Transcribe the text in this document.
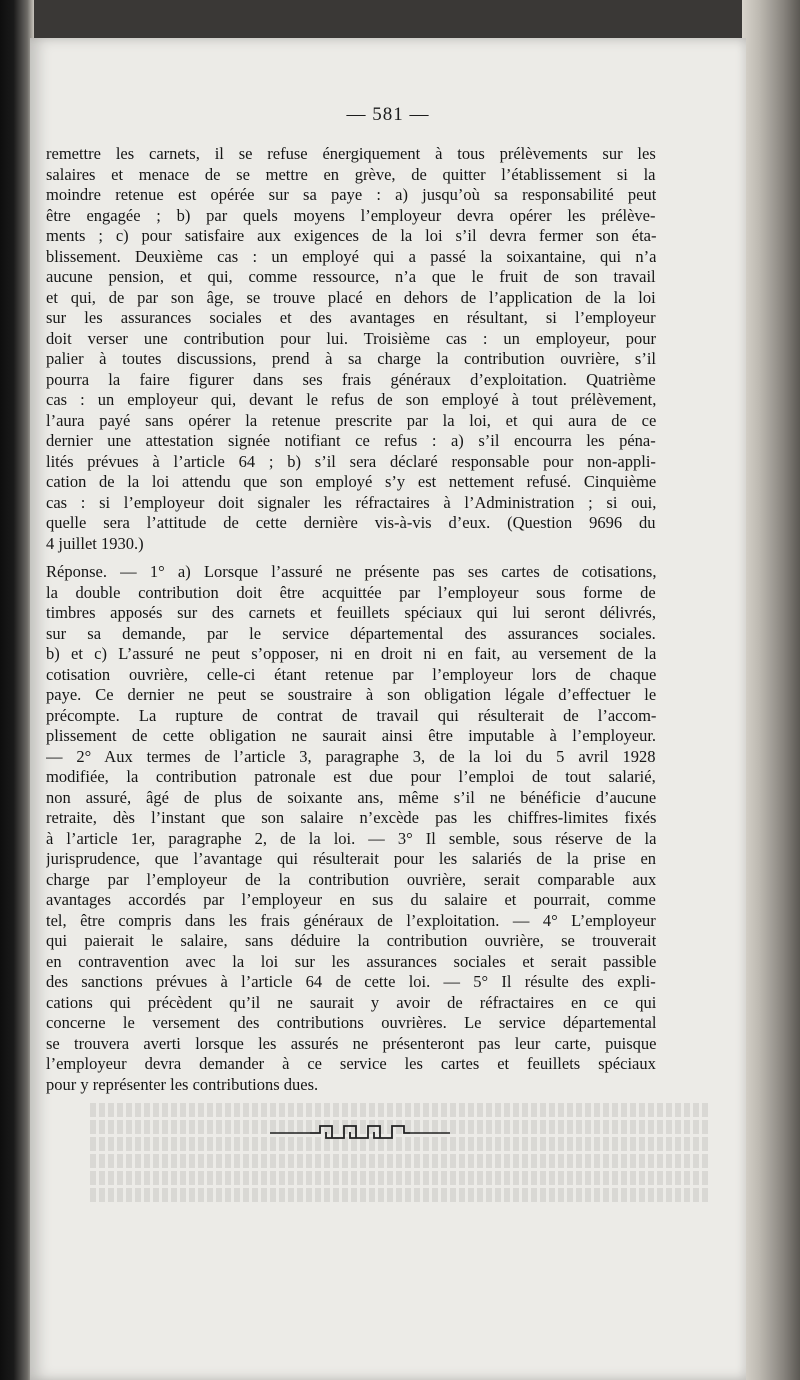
— 581 —
remettre les carnets, il se refuse énergiquement à tous prélèvements sur les
salaires et menace de se mettre en grève, de quitter l’établissement si la
moindre retenue est opérée sur sa paye : a) jusqu’où sa responsabilité peut
être engagée ; b) par quels moyens l’employeur devra opérer les prélève-
ments ; c) pour satisfaire aux exigences de la loi s’il devra fermer son éta-
blissement. Deuxième cas : un employé qui a passé la soixantaine, qui n’a
aucune pension, et qui, comme ressource, n’a que le fruit de son travail
et qui, de par son âge, se trouve placé en dehors de l’application de la loi
sur les assurances sociales et des avantages en résultant, si l’employeur
doit verser une contribution pour lui. Troisième cas : un employeur, pour
palier à toutes discussions, prend à sa charge la contribution ouvrière, s’il
pourra la faire figurer dans ses frais généraux d’exploitation. Quatrième
cas : un employeur qui, devant le refus de son employé à tout prélèvement,
l’aura payé sans opérer la retenue prescrite par la loi, et qui aura de ce
dernier une attestation signée notifiant ce refus : a) s’il encourra les péna-
lités prévues à l’article 64 ; b) s’il sera déclaré responsable pour non-appli-
cation de la loi attendu que son employé s’y est nettement refusé. Cinquième
cas : si l’employeur doit signaler les réfractaires à l’Administration ; si oui,
quelle sera l’attitude de cette dernière vis-à-vis d’eux. (Question 9696 du
4 juillet 1930.)
Réponse. — 1° a) Lorsque l’assuré ne présente pas ses cartes de cotisations,
la double contribution doit être acquittée par l’employeur sous forme de
timbres apposés sur des carnets et feuillets spéciaux qui lui seront délivrés,
sur sa demande, par le service départemental des assurances sociales.
b) et c) L’assuré ne peut s’opposer, ni en droit ni en fait, au versement de la
cotisation ouvrière, celle-ci étant retenue par l’employeur lors de chaque
paye. Ce dernier ne peut se soustraire à son obligation légale d’effectuer le
précompte. La rupture de contrat de travail qui résulterait de l’accom-
plissement de cette obligation ne saurait ainsi être imputable à l’employeur.
— 2° Aux termes de l’article 3, paragraphe 3, de la loi du 5 avril 1928
modifiée, la contribution patronale est due pour l’emploi de tout salarié,
non assuré, âgé de plus de soixante ans, même s’il ne bénéficie d’aucune
retraite, dès l’instant que son salaire n’excède pas les chiffres-limites fixés
à l’article 1er, paragraphe 2, de la loi. — 3° Il semble, sous réserve de la
jurisprudence, que l’avantage qui résulterait pour les salariés de la prise en
charge par l’employeur de la contribution ouvrière, serait comparable aux
avantages accordés par l’employeur en sus du salaire et pourrait, comme
tel, être compris dans les frais généraux de l’exploitation. — 4° L’employeur
qui paierait le salaire, sans déduire la contribution ouvrière, se trouverait
en contravention avec la loi sur les assurances sociales et serait passible
des sanctions prévues à l’article 64 de cette loi. — 5° Il résulte des expli-
cations qui précèdent qu’il ne saurait y avoir de réfractaires en ce qui
concerne le versement des contributions ouvrières. Le service départemental
se trouvera averti lorsque les assurés ne présenteront pas leur carte, puisque
l’employeur devra demander à ce service les cartes et feuillets spéciaux
pour y représenter les contributions dues.
